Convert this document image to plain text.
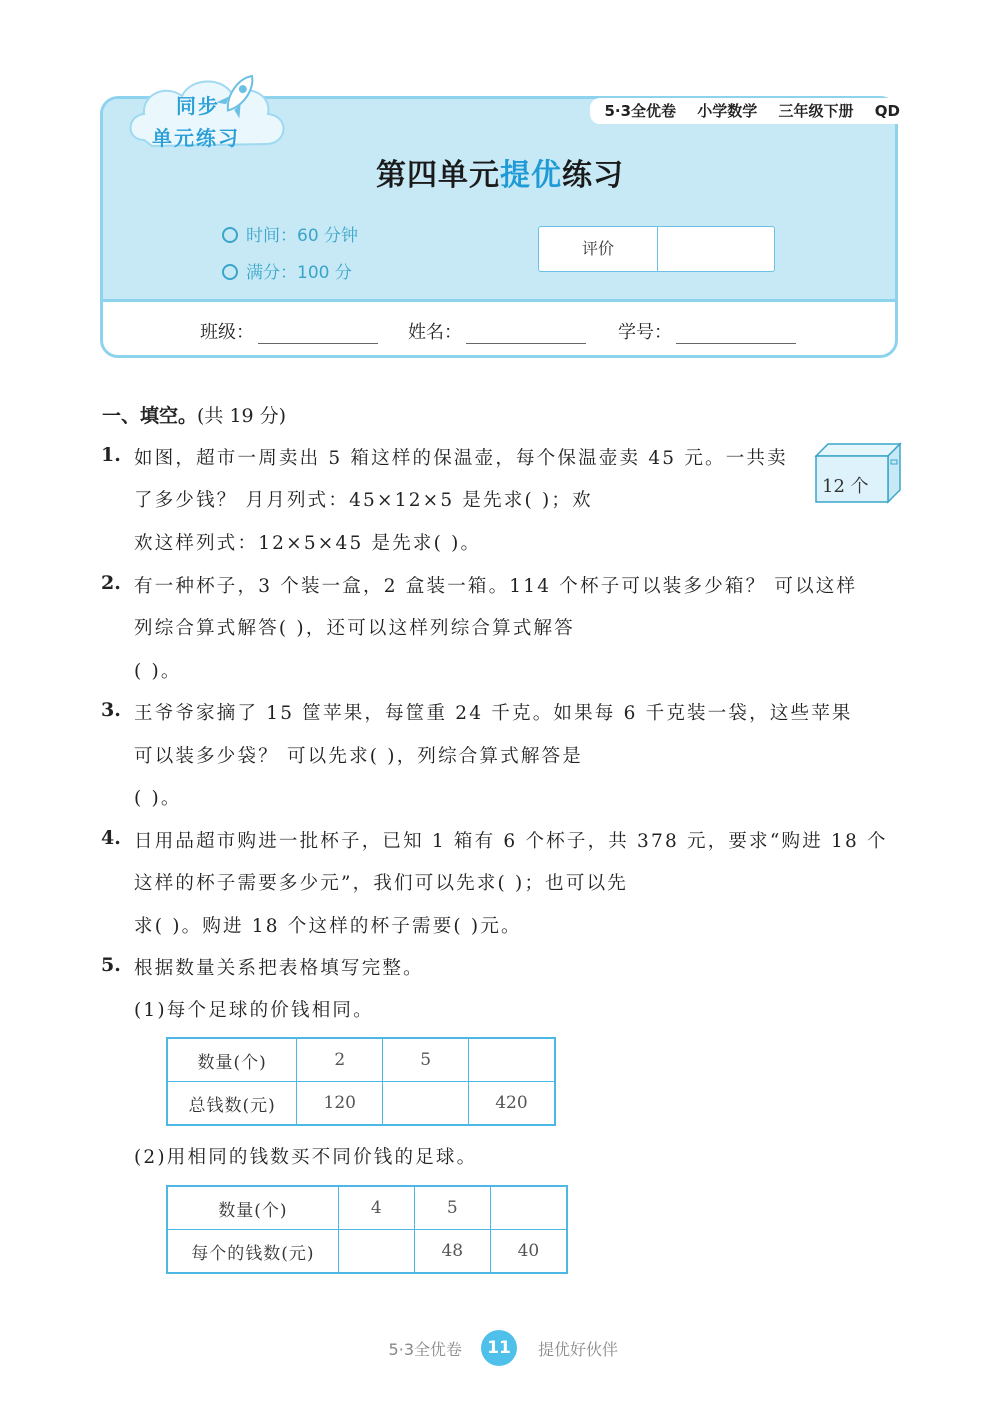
同步
单元练习
5·3全优卷 小学数学 三年级下册 QD
第四单元提优练习
时间：60 分钟
满分：100 分
评价
班级：	姓名：	学号：
一、填空。(共 19 分)
1. 如图，超市一周卖出 5 箱这样的保温壶，每个保温壶卖 45 元。一共卖
了多少钱？ 月月列式：45×12×5 是先求( )；欢
欢这样列式：12×5×45 是先求( )。
12 个
2. 有一种杯子，3 个装一盒，2 盒装一箱。114 个杯子可以装多少箱？ 可以这样
列综合算式解答( )，还可以这样列综合算式解答
( )。
3. 王爷爷家摘了 15 筐苹果，每筐重 24 千克。如果每 6 千克装一袋，这些苹果
可以装多少袋？ 可以先求( )，列综合算式解答是
( )。
4. 日用品超市购进一批杯子，已知 1 箱有 6 个杯子，共 378 元，要求“购进 18 个
这样的杯子需要多少元”，我们可以先求( )；也可以先
求( )。购进 18 个这样的杯子需要( )元。
5. 根据数量关系把表格填写完整。
(1)每个足球的价钱相同。
数量(个)	2	5	
总钱数(元)	120		420
(2)用相同的钱数买不同价钱的足球。
数量(个)	4	5	
每个的钱数(元)		48	40
5·3全优卷	11	提优好伙伴
